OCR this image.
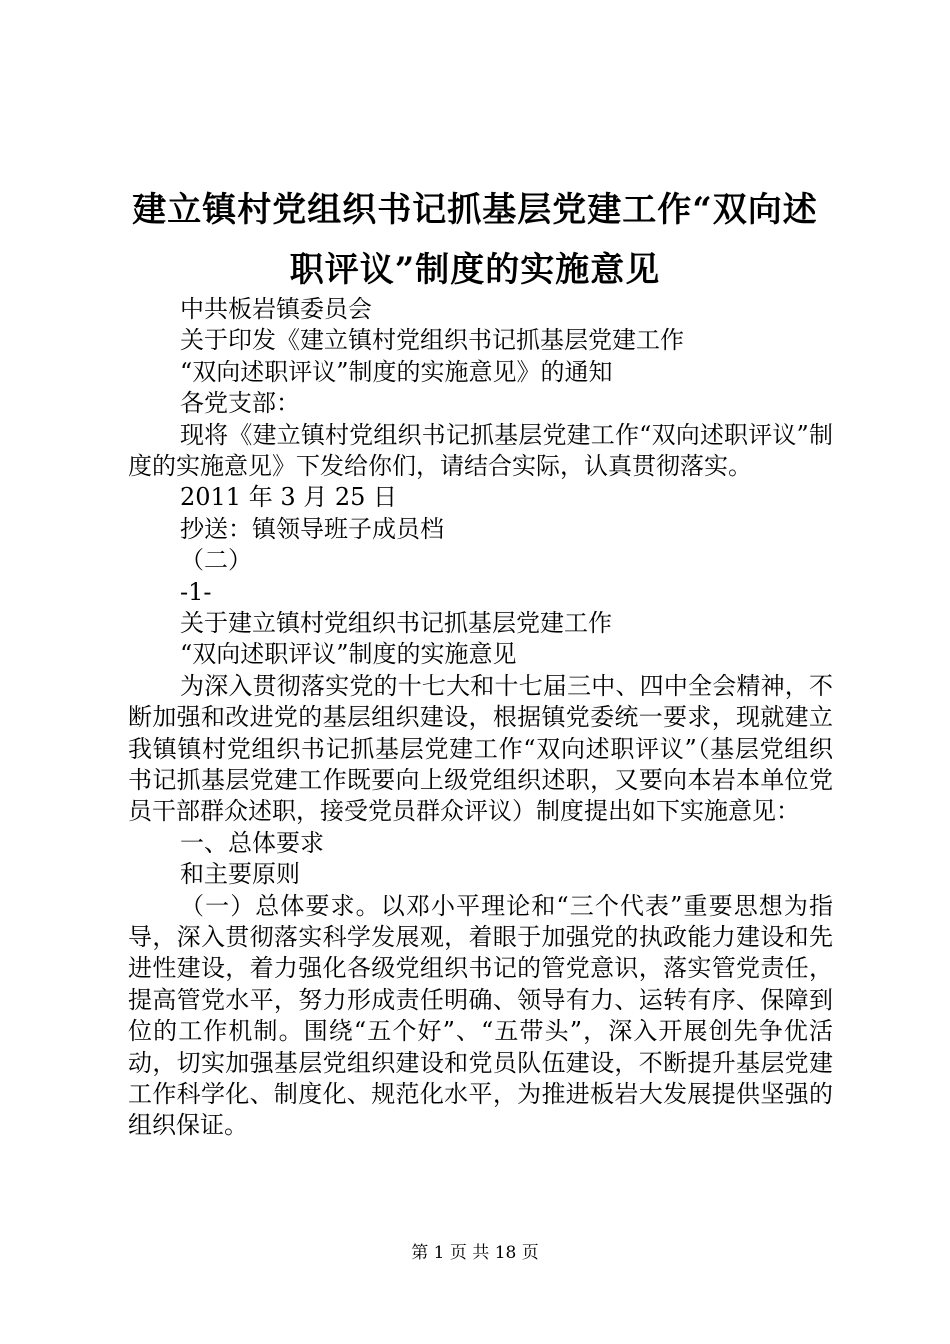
建立镇村党组织书记抓基层党建工作“双向述
职评议”制度的实施意见
中共板岩镇委员会
关于印发《建立镇村党组织书记抓基层党建工作
“双向述职评议”制度的实施意见》的通知
各党支部：
现将《建立镇村党组织书记抓基层党建工作“双向述职评议”制度的实施意见》下发给你们，请结合实际，认真贯彻落实。
2011 年 3 月 25 日
抄送：镇领导班子成员档
（二）
-1-
关于建立镇村党组织书记抓基层党建工作
“双向述职评议”制度的实施意见
为深入贯彻落实党的十七大和十七届三中、四中全会精神，不断加强和改进党的基层组织建设，根据镇党委统一要求，现就建立我镇镇村党组织书记抓基层党建工作“双向述职评议”（基层党组织书记抓基层党建工作既要向上级党组织述职，又要向本岩本单位党员干部群众述职，接受党员群众评议）制度提出如下实施意见：
一、总体要求
和主要原则
（一）总体要求。以邓小平理论和“三个代表”重要思想为指导，深入贯彻落实科学发展观，着眼于加强党的执政能力建设和先进性建设，着力强化各级党组织书记的管党意识，落实管党责任，提高管党水平，努力形成责任明确、领导有力、运转有序、保障到位的工作机制。围绕“五个好”、“五带头”，深入开展创先争优活动，切实加强基层党组织建设和党员队伍建设，不断提升基层党建工作科学化、制度化、规范化水平，为推进板岩大发展提供坚强的组织保证。
第 1 页 共 18 页
